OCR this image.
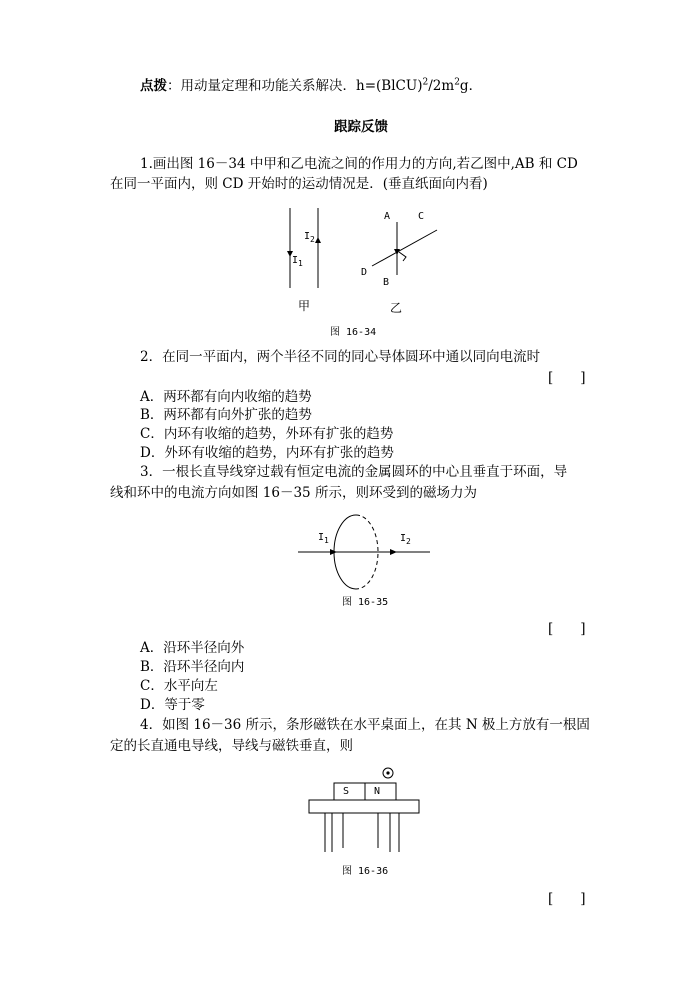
点拨：用动量定理和功能关系解决．$h=(BlCU)^2/2m^2g$．
跟踪反馈
1.画出图 16－34 中甲和乙电流之间的作用力的方向,若乙图中,AB 和 CD
在同一平面内，则 CD 开始时的运动情况是．(垂直纸面向内看)
$I_2$
$I_1$
A	C
D
B
甲	乙
图 16-34
2．在同一平面内，两个半径不同的同心导体圆环中通以同向电流时
[　　]
A．两环都有向内收缩的趋势
B．两环都有向外扩张的趋势
C．内环有收缩的趋势，外环有扩张的趋势
D．外环有收缩的趋势，内环有扩张的趋势
3．一根长直导线穿过载有恒定电流的金属圆环的中心且垂直于环面，导
线和环中的电流方向如图 16－35 所示，则环受到的磁场力为
$I_1$	$I_2$
图 16-35
[　　]
A．沿环半径向外
B．沿环半径向内
C．水平向左
D．等于零
4．如图 16－36 所示，条形磁铁在水平桌面上，在其 N 极上方放有一根固
定的长直通电导线，导线与磁铁垂直，则
S N
图 16-36
[　　]
